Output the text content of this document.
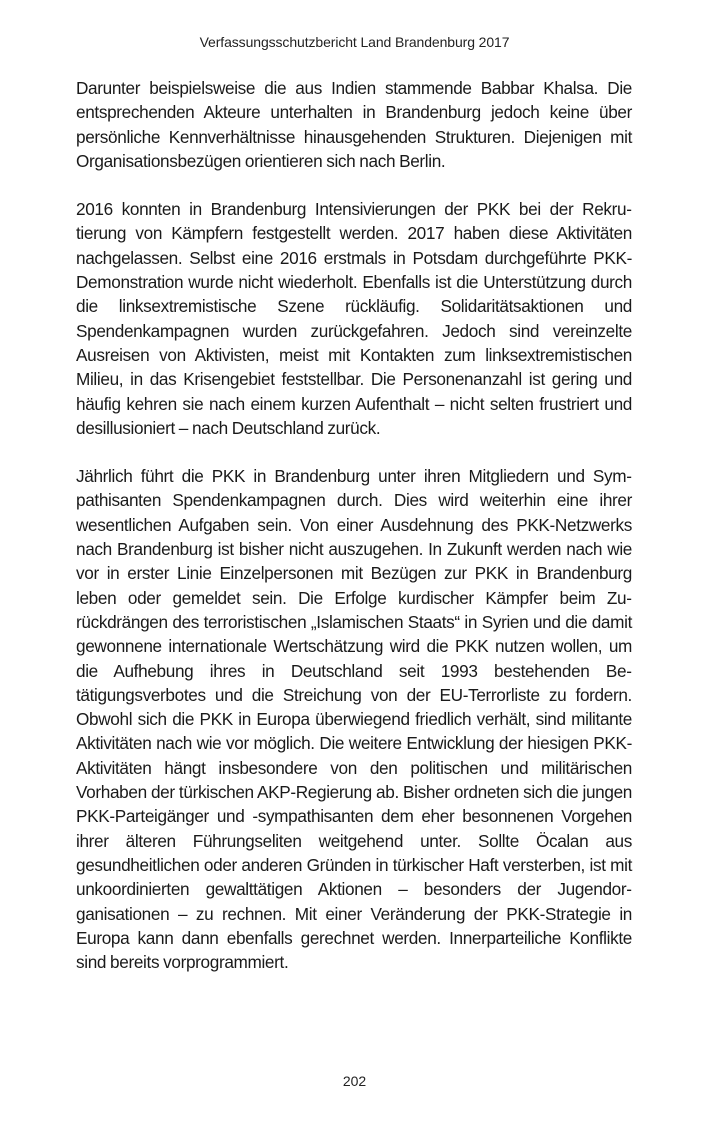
Verfassungsschutzbericht Land Brandenburg 2017

Darunter beispielsweise die aus Indien stammende Babbar Khalsa. Die entsprechenden Akteure unterhalten in Brandenburg jedoch keine über persönliche Kennverhältnisse hinausgehenden Strukturen. Diejenigen mit Organisationsbezügen orientieren sich nach Berlin.

2016 konnten in Brandenburg Intensivierungen der PKK bei der Rekrutierung von Kämpfern festgestellt werden. 2017 haben diese Aktivitäten nachgelassen. Selbst eine 2016 erstmals in Potsdam durchgeführte PKK-Demonstration wurde nicht wiederholt. Ebenfalls ist die Unterstützung durch die linksextremistische Szene rückläufig. Solidaritätsaktionen und Spendenkampagnen wurden zurückgefahren. Jedoch sind vereinzelte Ausreisen von Aktivisten, meist mit Kontakten zum linksextremistischen Milieu, in das Krisengebiet feststellbar. Die Personenanzahl ist gering und häufig kehren sie nach einem kurzen Aufenthalt – nicht selten frustriert und desillusioniert – nach Deutschland zurück.

Jährlich führt die PKK in Brandenburg unter ihren Mitgliedern und Sympathisanten Spendenkampagnen durch. Dies wird weiterhin eine ihrer wesentlichen Aufgaben sein. Von einer Ausdehnung des PKK-Netzwerks nach Brandenburg ist bisher nicht auszugehen. In Zukunft werden nach wie vor in erster Linie Einzelpersonen mit Bezügen zur PKK in Brandenburg leben oder gemeldet sein. Die Erfolge kurdischer Kämpfer beim Zurückdrängen des terroristischen „Islamischen Staats“ in Syrien und die damit gewonnene internationale Wertschätzung wird die PKK nutzen wollen, um die Aufhebung ihres in Deutschland seit 1993 bestehenden Betätigungsverbotes und die Streichung von der EU-Terrorliste zu fordern. Obwohl sich die PKK in Europa überwiegend friedlich verhält, sind militante Aktivitäten nach wie vor möglich. Die weitere Entwicklung der hiesigen PKK-Aktivitäten hängt insbesondere von den politischen und militärischen Vorhaben der türkischen AKP-Regierung ab. Bisher ordneten sich die jungen PKK-Parteigänger und -sympathisanten dem eher besonnenen Vorgehen ihrer älteren Führungseliten weitgehend unter. Sollte Öcalan aus gesundheitlichen oder anderen Gründen in türkischer Haft versterben, ist mit unkoordinierten gewalttätigen Aktionen – besonders der Jugendorganisationen – zu rechnen. Mit einer Veränderung der PKK-Strategie in Europa kann dann ebenfalls gerechnet werden. Innerparteiliche Konflikte sind bereits vorprogrammiert.

202
